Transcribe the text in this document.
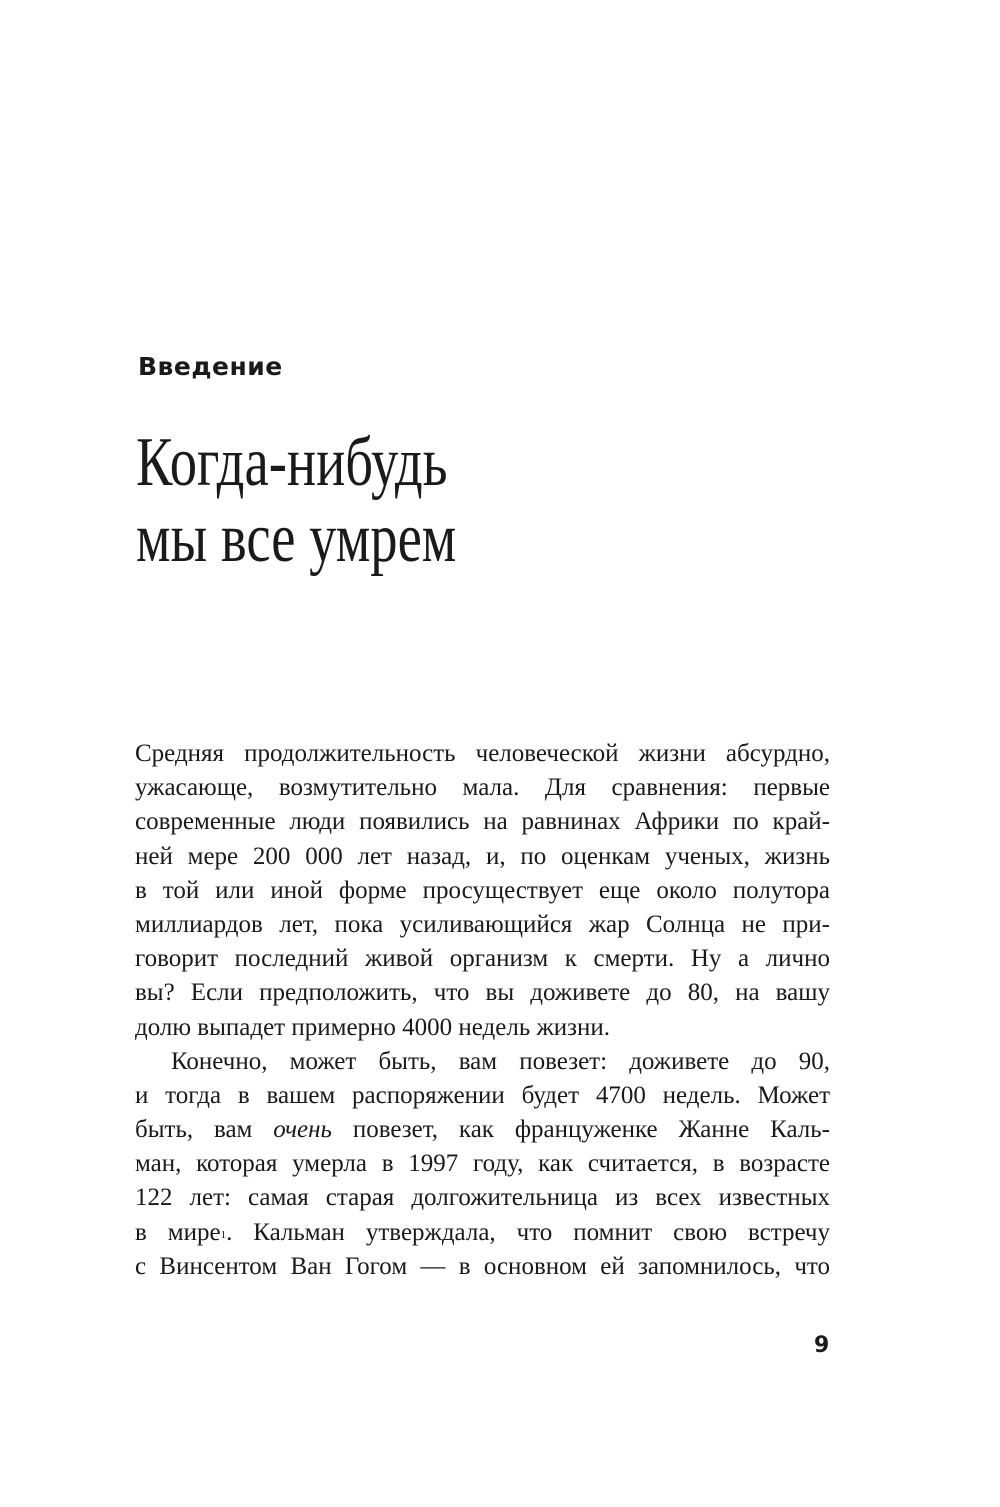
Введение
Когда-нибудь
мы все умрем
Средняя продолжительность человеческой жизни абсурдно,
ужасающе, возмутительно мала. Для сравнения: первые
современные люди появились на равнинах Африки по край-
ней мере 200 000 лет назад, и, по оценкам ученых, жизнь
в той или иной форме просуществует еще около полутора
миллиардов лет, пока усиливающийся жар Солнца не при-
говорит последний живой организм к смерти. Ну а лично
вы? Если предположить, что вы доживете до 80, на вашу
долю выпадет примерно 4000 недель жизни.
Конечно, может быть, вам повезет: доживете до 90,
и тогда в вашем распоряжении будет 4700 недель. Может
быть, вам очень повезет, как француженке Жанне Каль-
ман, которая умерла в 1997 году, как считается, в возрасте
122 лет: самая старая долгожительница из всех известных
в мире$^1$. Кальман утверждала, что помнит свою встречу
с Винсентом Ван Гогом — в основном ей запомнилось, что
9
